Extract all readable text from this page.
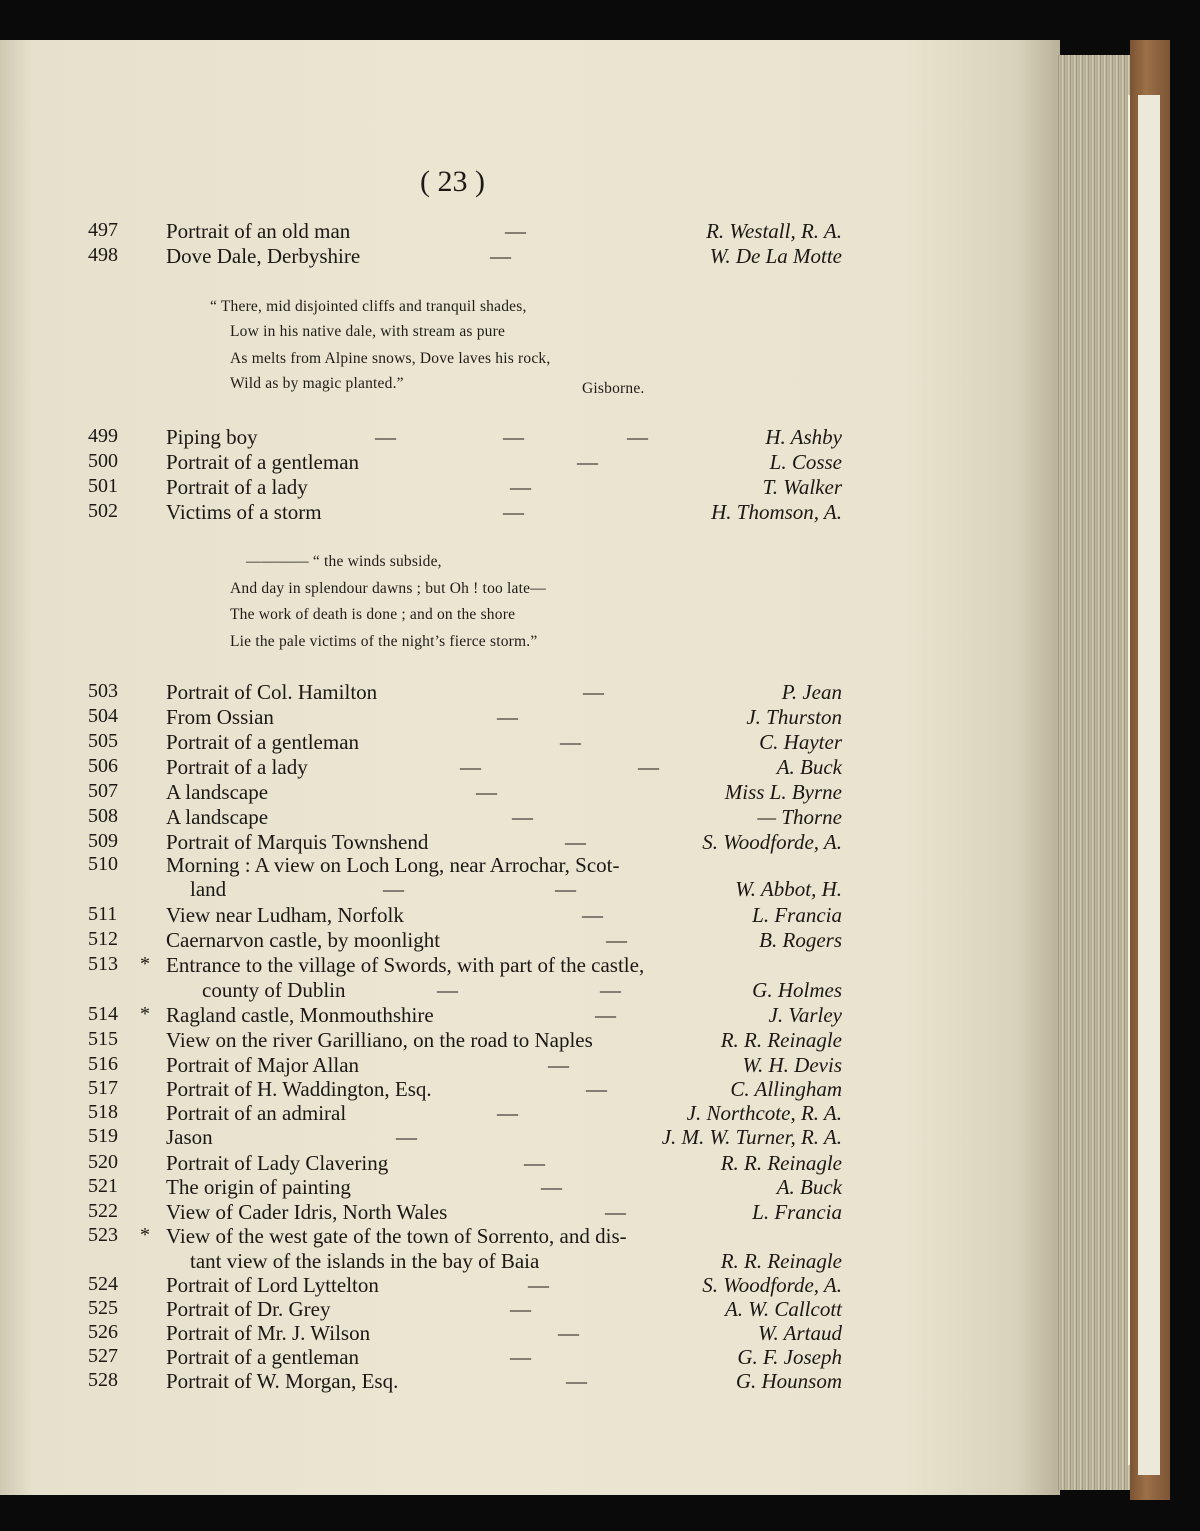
( 23 )
497 Portrait of an old man	—	R. Westall, R. A.
498 Dove Dale, Derbyshire	—	W. De La Motte
“ There, mid disjointed cliffs and tranquil shades,
Low in his native dale, with stream as pure
As melts from Alpine snows, Dove laves his rock,
Wild as by magic planted.”	Gisborne.
499 Piping boy	—	—	—	H. Ashby
500 Portrait of a gentleman	—	L. Cosse
501 Portrait of a lady	—	T. Walker
502 Victims of a storm	—	H. Thomson, A.
———— “ the winds subside,
And day in splendour dawns ; but Oh ! too late—
The work of death is done ; and on the shore
Lie the pale victims of the night’s fierce storm.”
503 Portrait of Col. Hamilton	—	P. Jean
504 From Ossian	—	J. Thurston
505 Portrait of a gentleman	—	C. Hayter
506 Portrait of a lady	—	—	A. Buck
507 A landscape	—	Miss L. Byrne
508 A landscape	—	— Thorne
509 Portrait of Marquis Townshend	—	S. Woodforde, A.
510 Morning : A view on Loch Long, near Arrochar, Scot-
land	—	—	W. Abbot, H.
511 View near Ludham, Norfolk	—	L. Francia
512 Caernarvon castle, by moonlight	—	B. Rogers
513 * Entrance to the village of Swords, with part of the castle,
county of Dublin	—	—	G. Holmes
514 * Ragland castle, Monmouthshire	—	J. Varley
515 View on the river Garilliano, on the road to Naples	R. R. Reinagle
516 Portrait of Major Allan	—	W. H. Devis
517 Portrait of H. Waddington, Esq.	—	C. Allingham
518 Portrait of an admiral	—	J. Northcote, R. A.
519 Jason	—	J. M. W. Turner, R. A.
520 Portrait of Lady Clavering	—	R. R. Reinagle
521 The origin of painting	—	A. Buck
522 View of Cader Idris, North Wales	—	L. Francia
523 * View of the west gate of the town of Sorrento, and dis-
tant view of the islands in the bay of Baia	R. R. Reinagle
524 Portrait of Lord Lyttelton	—	S. Woodforde, A.
525 Portrait of Dr. Grey	—	A. W. Callcott
526 Portrait of Mr. J. Wilson	—	W. Artaud
527 Portrait of a gentleman	—	G. F. Joseph
528 Portrait of W. Morgan, Esq.	—	G. Hounsom
